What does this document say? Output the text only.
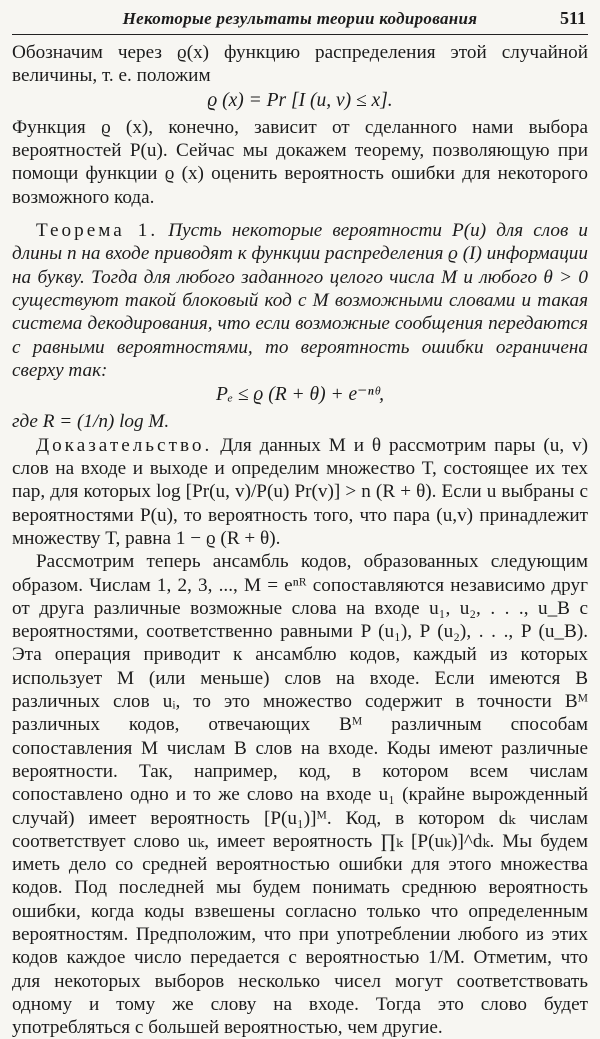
Некоторые результаты теории кодирования	511

Обозначим через ϱ(x) функцию распределения этой случайной величины, т. е. положим

ϱ (x) = Pr [I (u, v) ≤ x].

Функция ϱ (x), конечно, зависит от сделанного нами выбора вероятностей P(u). Сейчас мы докажем теорему, позволяющую при помощи функции ϱ (x) оценить вероятность ошибки для некоторого возможного кода.

Теорема 1. Пусть некоторые вероятности P(u) для слов и длины n на входе приводят к функции распределения ϱ (I) информации на букву. Тогда для любого заданного целого числа M и любого θ > 0 существуют такой блоковый код с M возможными словами и такая система декодирования, что если возможные сообщения передаются с равными вероятностями, то вероятность ошибки ограничена сверху так:

Pₑ ≤ ϱ (R + θ) + e⁻ⁿᶿ,

где R = (1/n) log M.

Доказательство. Для данных M и θ рассмотрим пары (u, v) слов на входе и выходе и определим множество T, состоящее их тех пар, для которых log [Pr(u, v)/P(u) Pr(v)] > n (R + θ). Если u выбраны с вероятностями P(u), то вероятность того, что пара (u,v) принадлежит множеству T, равна 1 − ϱ (R + θ).

Рассмотрим теперь ансамбль кодов, образованных следующим образом. Числам 1, 2, 3, ..., M = eⁿᴿ сопоставляются независимо друг от друга различные возможные слова на входе u₁, u₂, . . ., u_B с вероятностями, соответственно равными P (u₁), P (u₂), . . ., P (u_B). Эта операция приводит к ансамблю кодов, каждый из которых использует M (или меньше) слов на входе. Если имеются B различных слов uᵢ, то это множество содержит в точности Bᴹ различных кодов, отвечающих Bᴹ различным способам сопоставления M числам B слов на входе. Коды имеют различные вероятности. Так, например, код, в котором всем числам сопоставлено одно и то же слово на входе u₁ (крайне вырожденный случай) имеет вероятность [P(u₁)]ᴹ. Код, в котором dₖ числам соответствует слово uₖ, имеет вероятность ∏ₖ [P(uₖ)]^dₖ. Мы будем иметь дело со средней вероятностью ошибки для этого множества кодов. Под последней мы будем понимать среднюю вероятность ошибки, когда коды взвешены согласно только что определенным вероятностям. Предположим, что при употреблении любого из этих кодов каждое число передается с вероятностью 1/M. Отметим, что для некоторых выборов несколько чисел могут соответствовать одному и тому же слову на входе. Тогда это слово будет употребляться с большей вероятностью, чем другие.
